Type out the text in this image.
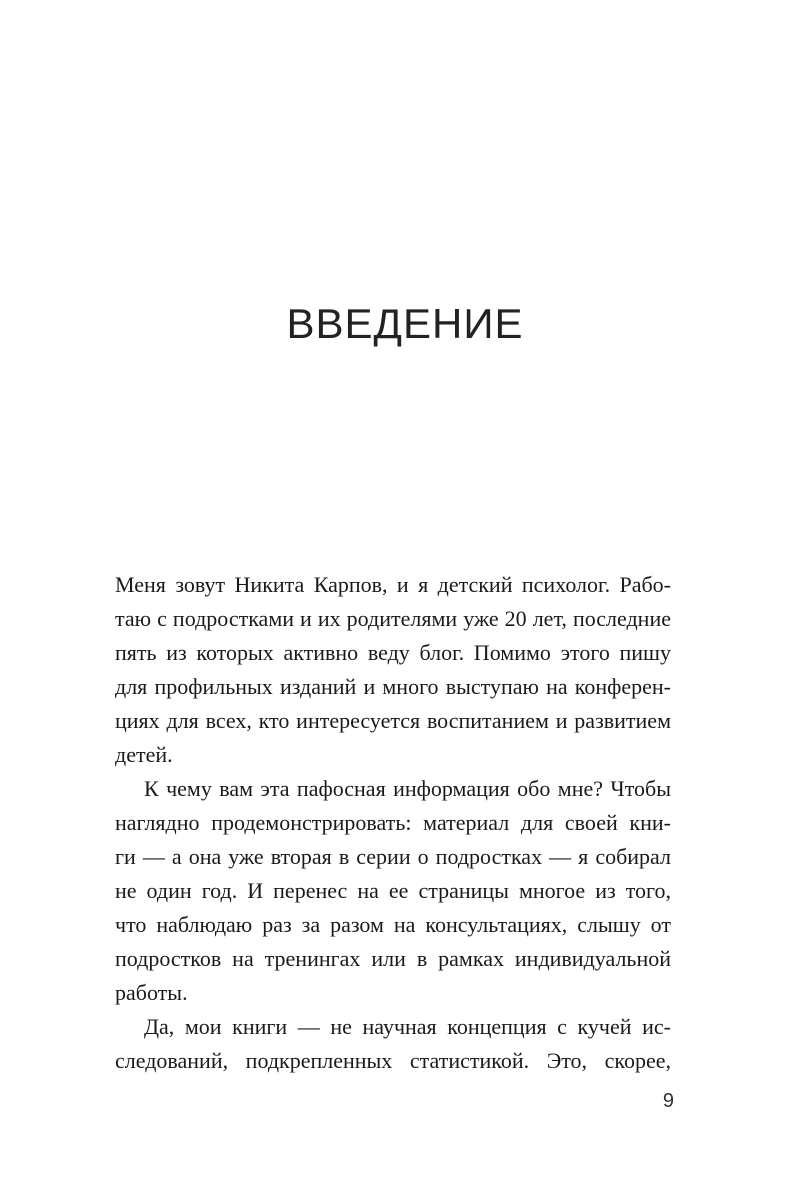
ВВЕДЕНИЕ
Меня зовут Никита Карпов, и я детский психолог. Рабо-
таю с подростками и их родителями уже 20 лет, последние
пять из которых активно веду блог. Помимо этого пишу
для профильных изданий и много выступаю на конферен-
циях для всех, кто интересуется воспитанием и развитием
детей.
К чему вам эта пафосная информация обо мне? Чтобы
наглядно продемонстрировать: материал для своей кни-
ги — а она уже вторая в серии о подростках — я собирал
не один год. И перенес на ее страницы многое из того,
что наблюдаю раз за разом на консультациях, слышу от
подростков на тренингах или в рамках индивидуальной
работы.
Да, мои книги — не научная концепция с кучей ис-
следований, подкрепленных статистикой. Это, скорее,
9
